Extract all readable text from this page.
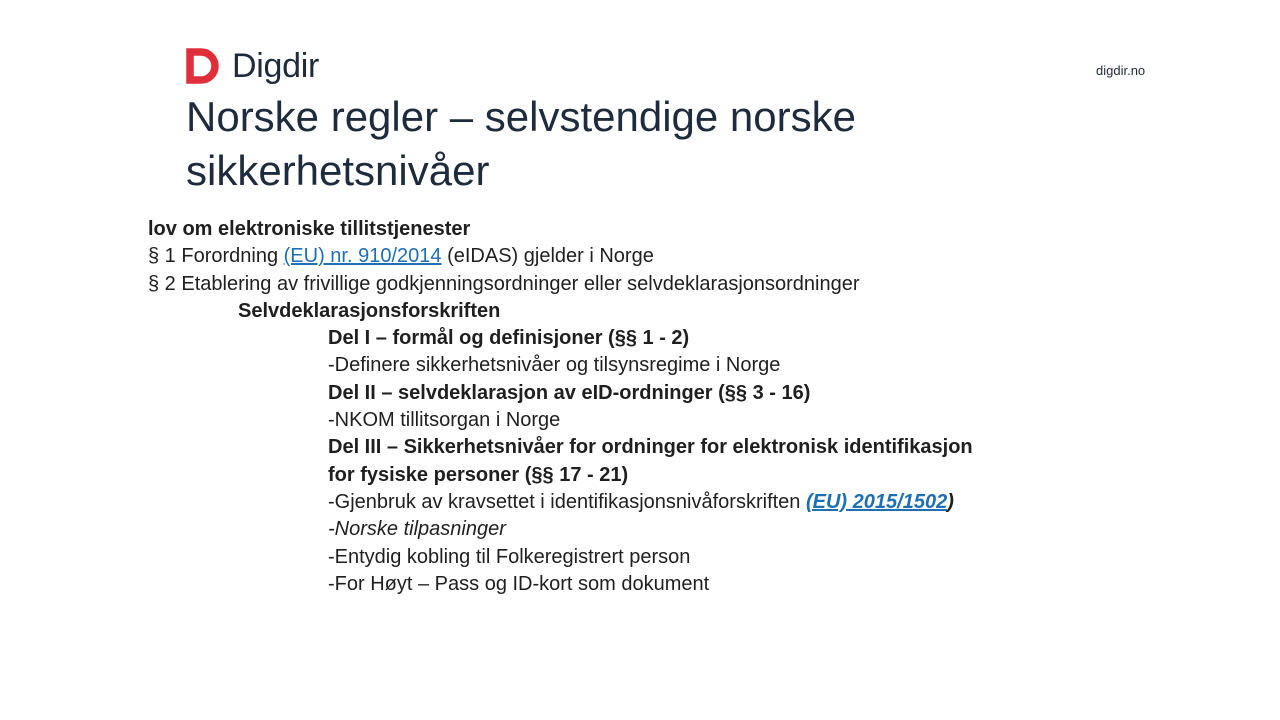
Digdir	digdir.no
Norske regler – selvstendige norske sikkerhetsnivåer
lov om elektroniske tillitstjenester
§ 1 Forordning (EU) nr. 910/2014 (eIDAS) gjelder i Norge
§ 2 Etablering av frivillige godkjenningsordninger eller selvdeklarasjonsordninger
Selvdeklarasjonsforskriften
Del I – formål og definisjoner (§§ 1 - 2)
-Definere sikkerhetsnivåer og tilsynsregime i Norge
Del II – selvdeklarasjon av eID-ordninger (§§ 3 - 16)
-NKOM tillitsorgan i Norge
Del III – Sikkerhetsnivåer for ordninger for elektronisk identifikasjon
for fysiske personer (§§ 17 - 21)
-Gjenbruk av kravsettet i identifikasjonsnivåforskriften (EU) 2015/1502)
-Norske tilpasninger
-Entydig kobling til Folkeregistrert person
-For Høyt – Pass og ID-kort som dokument
